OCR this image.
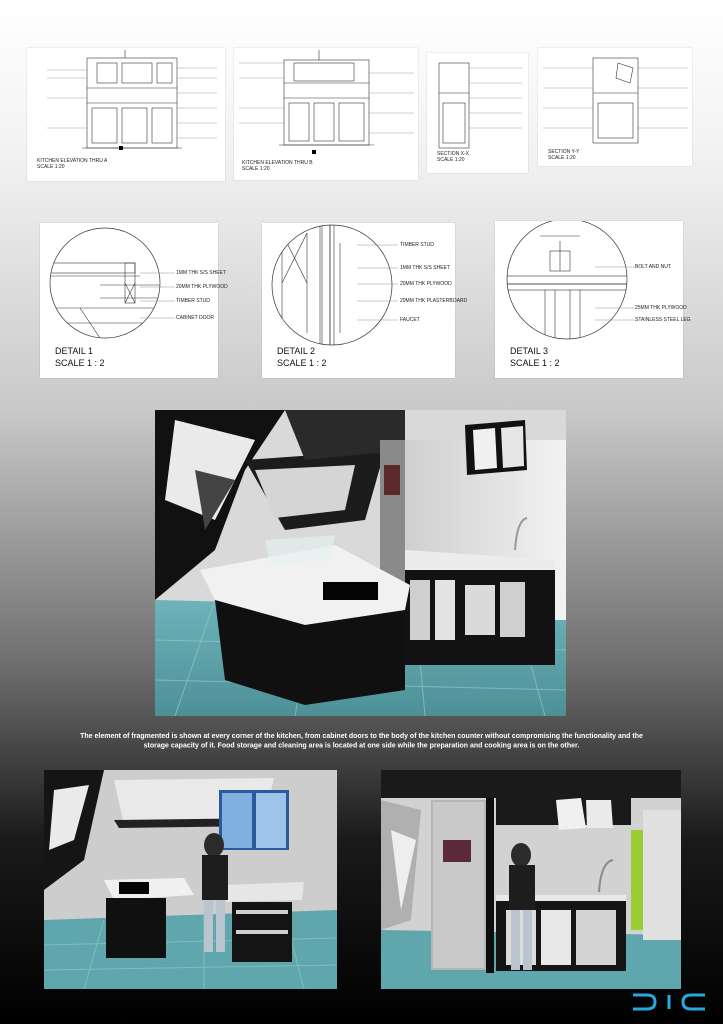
KITCHEN ELEVATION THRU A
SCALE 1:20
KITCHEN ELEVATION THRU B
SCALE 1:20
SECTION X-X
SCALE 1:20
SECTION Y-Y
SCALE 1:20
1MM THK S/S SHEET
20MM THK PLYWOOD
TIMBER STUD
CABINET DOOR
DETAIL 1
SCALE 1 : 2
TIMBER STUD
1MM THK S/S SHEET
20MM THK PLYWOOD
20MM THK PLASTERBOARD
FAUCET
DETAIL 2
SCALE 1 : 2
BOLT AND NUT
25MM THK PLYWOOD
STAINLESS STEEL LEG
DETAIL 3
SCALE 1 : 2
The element of fragmented is shown at every corner of the kitchen, from cabinet doors to the body of the kitchen counter without compromising the functionality and the storage capacity of it. Food storage and cleaning area is located at one side while the preparation and cooking area is on the other.
